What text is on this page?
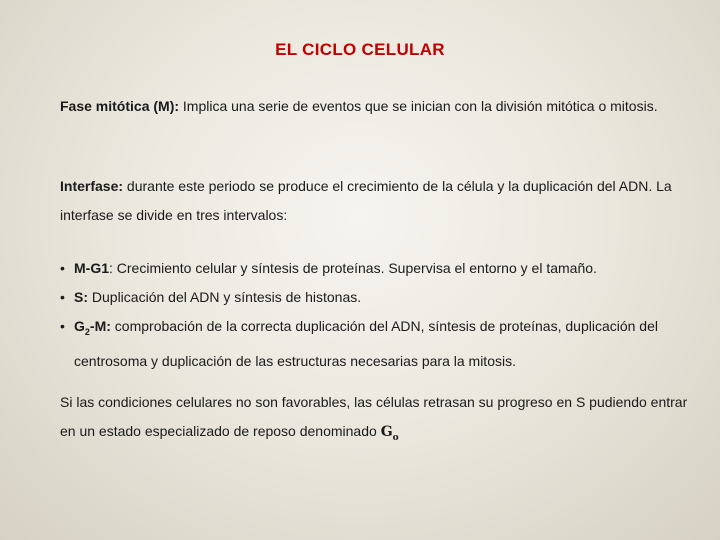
EL CICLO CELULAR
Fase mitótica (M): Implica una serie de eventos que se inician con la división mitótica o mitosis.
Interfase: durante este periodo se produce el crecimiento de la célula y la duplicación del ADN. La interfase se divide en tres intervalos:
• M-G1: Crecimiento celular y síntesis de proteínas. Supervisa el entorno y el tamaño.
• S: Duplicación del ADN y síntesis de histonas.
• $G_2-M$: comprobación de la correcta duplicación del ADN, síntesis de proteínas, duplicación del centrosoma y duplicación de las estructuras necesarias para la mitosis.
Si las condiciones celulares no son favorables, las células retrasan su progreso en S pudiendo entrar en un estado especializado de reposo denominado $G_o$
